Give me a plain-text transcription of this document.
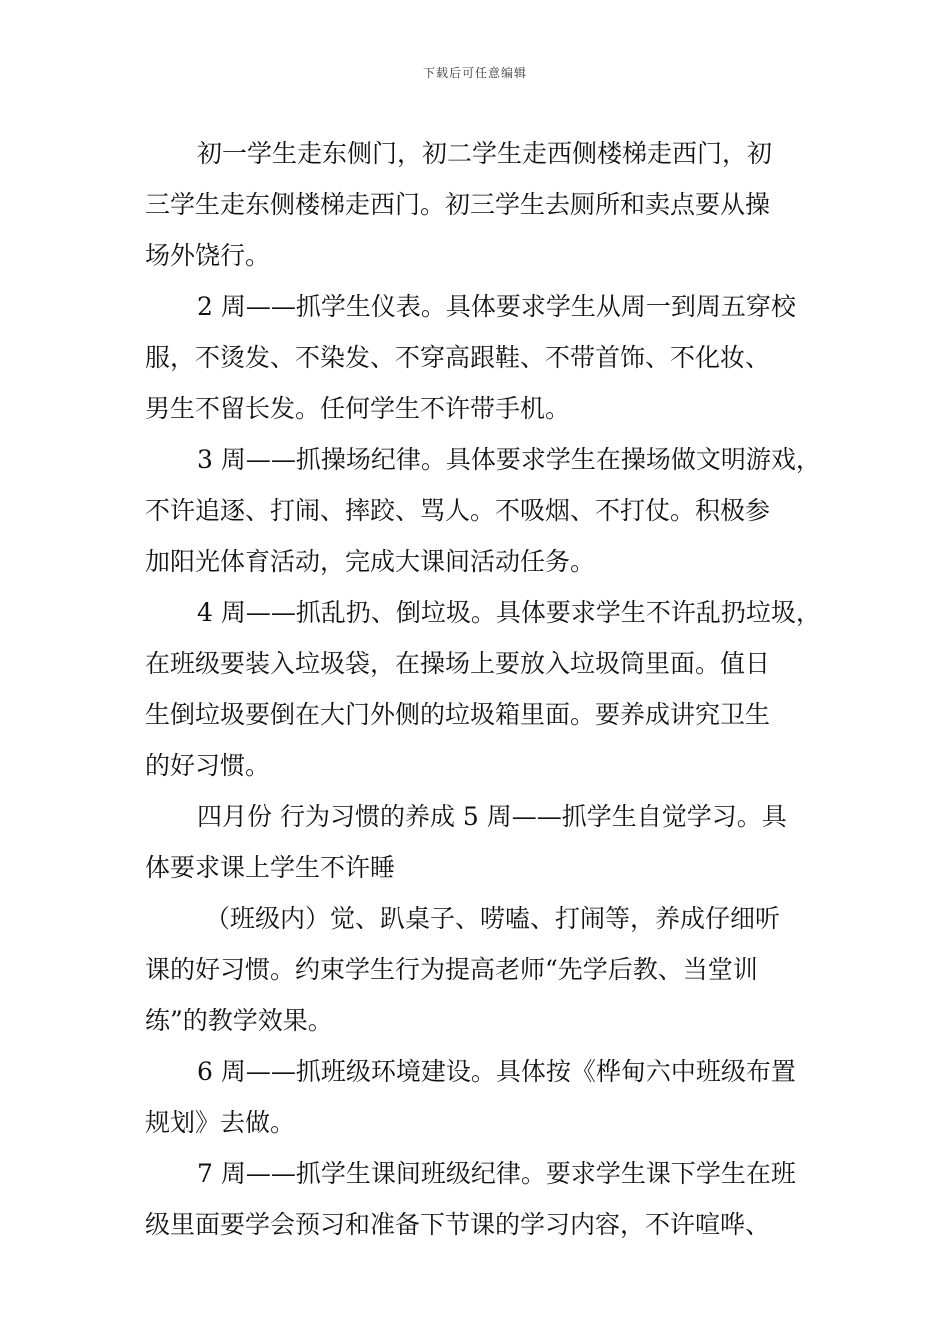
下载后可任意编辑
初一学生走东侧门，初二学生走西侧楼梯走西门，初
三学生走东侧楼梯走西门。初三学生去厕所和卖点要从操
场外饶行。
2 周——抓学生仪表。具体要求学生从周一到周五穿校
服，不烫发、不染发、不穿高跟鞋、不带首饰、不化妆、
男生不留长发。任何学生不许带手机。
3 周——抓操场纪律。具体要求学生在操场做文明游戏，
不许追逐、打闹、摔跤、骂人。不吸烟、不打仗。积极参
加阳光体育活动，完成大课间活动任务。
4 周——抓乱扔、倒垃圾。具体要求学生不许乱扔垃圾，
在班级要装入垃圾袋，在操场上要放入垃圾筒里面。值日
生倒垃圾要倒在大门外侧的垃圾箱里面。要养成讲究卫生
的好习惯。
四月份 行为习惯的养成 5 周——抓学生自觉学习。具
体要求课上学生不许睡
（班级内）觉、趴桌子、唠嗑、打闹等，养成仔细听
课的好习惯。约束学生行为提高老师“先学后教、当堂训
练”的教学效果。
6 周——抓班级环境建设。具体按《桦甸六中班级布置
规划》去做。
7 周——抓学生课间班级纪律。要求学生课下学生在班
级里面要学会预习和准备下节课的学习内容，不许喧哗、
